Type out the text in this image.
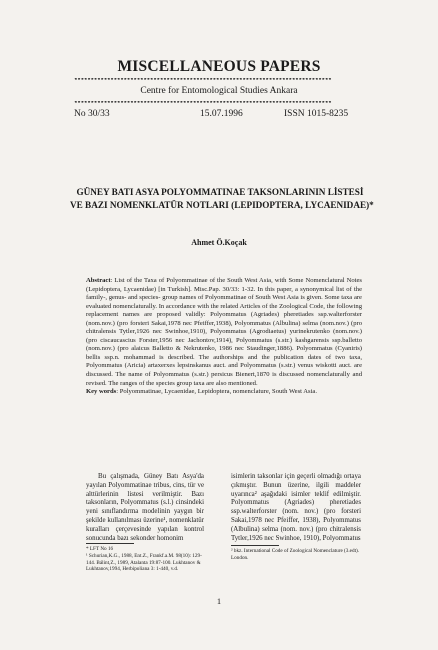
MISCELLANEOUS PAPERS
******************************************************************************
Centre for Entomological Studies Ankara
******************************************************************************
No 30/33	15.07.1996	ISSN 1015-8235
GÜNEY BATI ASYA POLYOMMATINAE TAKSONLARININ LİSTESİ
VE BAZI NOMENKLATÜR NOTLARI (LEPIDOPTERA, LYCAENIDAE)*
Ahmet Ö.Koçak

Abstract: List of the Taxa of Polyommatinae of the South West Asia, with Some Nomenclatural Notes (Lepidoptera, Lycaenidae) [in Turkish]. Misc.Pap. 30/33: 1-32. In this paper, a synonymical list of the family-, genus- and species- group names of Polyommatinae of South West Asia is given. Some taxa are evaluated nomenclaturally. In accordance with the related Articles of the Zoological Code, the following replacement names are proposed validly: Polyommatus (Agriades) pheretiades ssp.walterforster (nom.nov.) (pro forsteri Sakai,1978 nec Pfeiffer,1938), Polyommatus (Albulina) selma (nom.nov.) (pro chitralensis Tytler,1926 nec Swinhoe,1910), Polyommatus (Agrodiaetus) yurinekrutenko (nom.nov.) (pro ciscaucascius Forster,1956 nec Jachontov,1914), Polyommatus (s.str.) kashgarensis ssp.balletto (nom.nov.) (pro alaicus Balletto & Nekrutenko, 1986 nec Staudinger,1886). Polyommatus (Cyaniris) bellis ssp.n. mohammad is described. The authorships and the publication dates of two taxa, Polyommatus (Aricia) artaxerxes lepsinskanus auct. and Polyommatus (s.str.) venus wiskotti auct. are discussed. The name of Polyommatus (s.str.) persicus Bienert,1870 is discussed nomenclaturally and revised. The ranges of the species group taxa are also mentioned.

Key words: Polyommatinae, Lycaenidae, Lepidoptera, nomenclature, South West Asia.

Bu çalışmada, Güney Batı Asya'da yayılan Polyommatinae tribus, cins, tür ve alttürlerinin listesi verilmiştir. Bazı taksonların, Polyommatus (s.l.) cinsindeki yeni sınıflandırma modelinin yaygın bir şekilde kullanılması üzerine¹, nomenklatür kuralları çerçevesinde yapılan kontrol sonucunda bazı sekonder homonim

isimlerin taksonlar için geçerli olmadığı ortaya çıkmıştır. Bunun üzerine, ilgili maddeler uyarınca² aşağıdaki isimler teklif edilmiştir. Polyommatus (Agriades) pheretiades ssp.walterforster (nom. nov.) (pro forsteri Sakai,1978 nec Pfeiffer, 1938), Polyommatus (Albulina) selma (nom. nov.) (pro chitralensis Tytler,1926 nec Swinhoe, 1910), Polyommatus

* LFT No 16

¹ Schurian,K.G., 1988, Ent.Z., Frankf.a.M. 98(10): 129-144. Bálint,Z., 1989, Atalanta 19:87-100. Lukhtanov & Lukhtanov,1994, Herbipoliana 3: 1-440, v.d.

² bkz. International Code of Zoological Nomenclature (3.edt). London.

1
